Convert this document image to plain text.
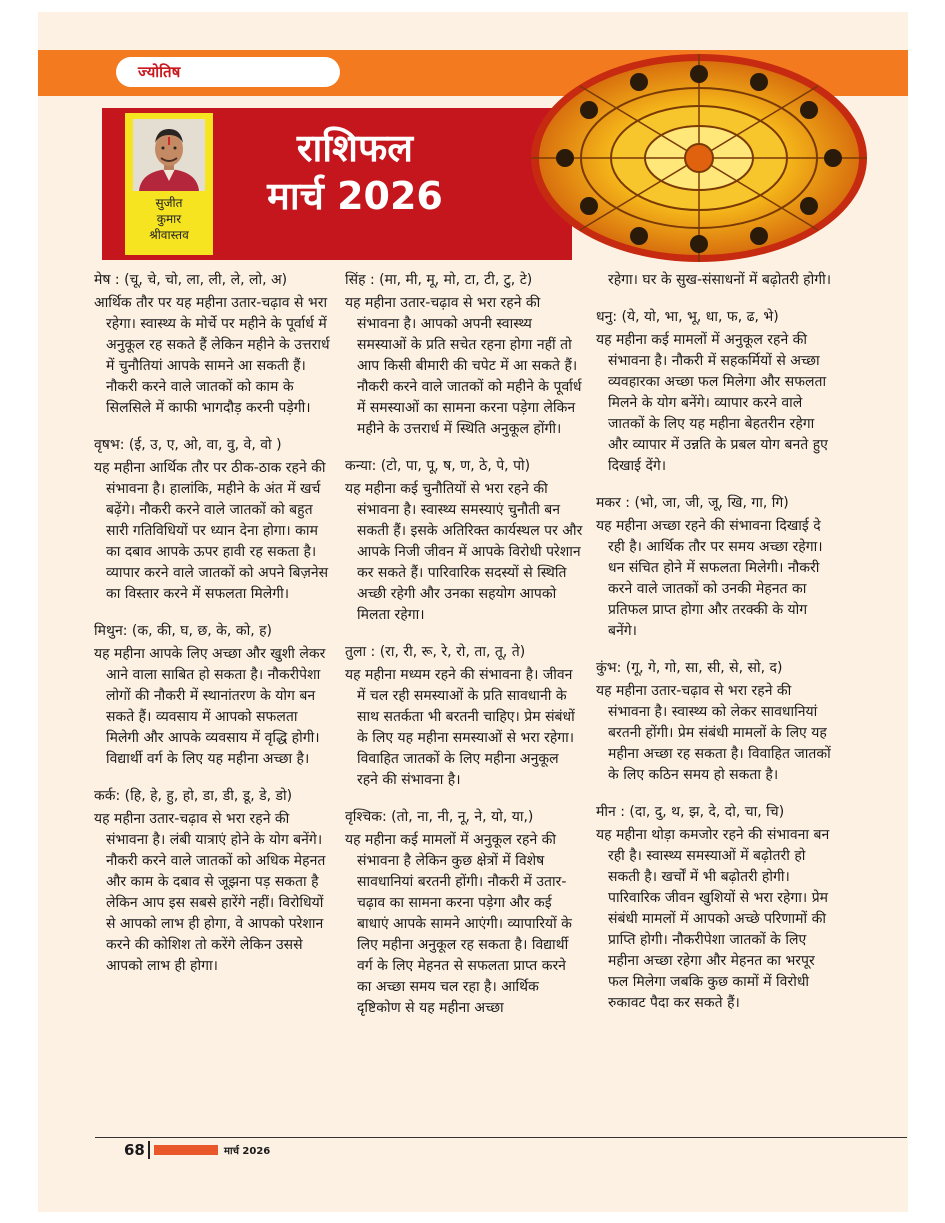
ज्योतिष
सुजीत
कुमार
श्रीवास्तव
राशिफल
मार्च 2026
मेष : (चू, चे, चो, ला, ली, ले, लो, अ)

आर्थिक तौर पर यह महीना उतार-चढ़ाव से भरा रहेगा। स्वास्थ्य के मोर्चे पर महीने के पूर्वार्ध में अनुकूल रह सकते हैं लेकिन महीने के उत्तरार्ध में चुनौतियां आपके सामने आ सकती हैं। नौकरी करने वाले जातकों को काम के सिलसिले में काफी भागदौड़ करनी पड़ेगी।

वृषभ: (ई, उ, ए, ओ, वा, वु, वे, वो )

यह महीना आर्थिक तौर पर ठीक-ठाक रहने की संभावना है। हालांकि, महीने के अंत में खर्च बढ़ेंगे। नौकरी करने वाले जातकों को बहुत सारी गतिविधियों पर ध्यान देना होगा। काम का दबाव आपके ऊपर हावी रह सकता है। व्यापार करने वाले जातकों को अपने बिज़नेस का विस्तार करने में सफलता मिलेगी।

मिथुन: (क, की, घ, छ, के, को, ह)

यह महीना आपके लिए अच्छा और खुशी लेकर आने वाला साबित हो सकता है। नौकरीपेशा लोगों की नौकरी में स्थानांतरण के योग बन सकते हैं। व्यवसाय में आपको सफलता मिलेगी और आपके व्यवसाय में वृद्धि होगी। विद्यार्थी वर्ग के लिए यह महीना अच्छा है।

कर्क: (हि, हे, हु, हो, डा, डी, डू, डे, डो)

यह महीना उतार-चढ़ाव से भरा रहने की संभावना है। लंबी यात्राएं होने के योग बनेंगे। नौकरी करने वाले जातकों को अधिक मेहनत और काम के दबाव से जूझना पड़ सकता है लेकिन आप इस सबसे हारेंगे नहीं। विरोधियों से आपको लाभ ही होगा, वे आपको परेशान करने की कोशिश तो करेंगे लेकिन उससे आपको लाभ ही होगा।

सिंह : (मा, मी, मू, मो, टा, टी, टु, टे)

यह महीना उतार-चढ़ाव से भरा रहने की संभावना है। आपको अपनी स्वास्थ्य समस्याओं के प्रति सचेत रहना होगा नहीं तो आप किसी बीमारी की चपेट में आ सकते हैं। नौकरी करने वाले जातकों को महीने के पूर्वार्ध में समस्याओं का सामना करना पड़ेगा लेकिन महीने के उत्तरार्ध में स्थिति अनुकूल होंगी।

कन्या: (टो, पा, पू, ष, ण, ठे, पे, पो)

यह महीना कई चुनौतियों से भरा रहने की संभावना है। स्वास्थ्य समस्याएं चुनौती बन सकती हैं। इसके अतिरिक्त कार्यस्थल पर और आपके निजी जीवन में आपके विरोधी परेशान कर सकते हैं। पारिवारिक सदस्यों से स्थिति अच्छी रहेगी और उनका सहयोग आपको मिलता रहेगा।

तुला : (रा, री, रू, रे, रो, ता, तू, ते)

यह महीना मध्यम रहने की संभावना है। जीवन में चल रही समस्याओं के प्रति सावधानी के साथ सतर्कता भी बरतनी चाहिए। प्रेम संबंधों के लिए यह महीना समस्याओं से भरा रहेगा। विवाहित जातकों के लिए महीना अनुकूल रहने की संभावना है।

वृश्चिक: (तो, ना, नी, नू, ने, यो, या,)

यह महीना कई मामलों में अनुकूल रहने की संभावना है लेकिन कुछ क्षेत्रों में विशेष सावधानियां बरतनी होंगी। नौकरी में उतार-चढ़ाव का सामना करना पड़ेगा और कई बाधाएं आपके सामने आएंगी। व्यापारियों के लिए महीना अनुकूल रह सकता है। विद्यार्थी वर्ग के लिए मेहनत से सफलता प्राप्त करने का अच्छा समय चल रहा है। आर्थिक दृष्टिकोण से यह महीना अच्छा

रहेगा। घर के सुख-संसाधनों में बढ़ोतरी होगी।

धनु: (ये, यो, भा, भू, धा, फ, ढ, भे)

यह महीना कई मामलों में अनुकूल रहने की संभावना है। नौकरी में सहकर्मियों से अच्छा व्यवहारका अच्छा फल मिलेगा और सफलता मिलने के योग बनेंगे। व्यापार करने वाले जातकों के लिए यह महीना बेहतरीन रहेगा और व्यापार में उन्नति के प्रबल योग बनते हुए दिखाई देंगे।

मकर : (भो, जा, जी, जू, खि, गा, गि)

यह महीना अच्छा रहने की संभावना दिखाई दे रही है। आर्थिक तौर पर समय अच्छा रहेगा। धन संचित होने में सफलता मिलेगी। नौकरी करने वाले जातकों को उनकी मेहनत का प्रतिफल प्राप्त होगा और तरक्की के योग बनेंगे।

कुंभ: (गू, गे, गो, सा, सी, से, सो, द)

यह महीना उतार-चढ़ाव से भरा रहने की संभावना है। स्वास्थ्य को लेकर सावधानियां बरतनी होंगी। प्रेम संबंधी मामलों के लिए यह महीना अच्छा रह सकता है। विवाहित जातकों के लिए कठिन समय हो सकता है।

मीन : (दा, दु, थ, झ, दे, दो, चा, चि)

यह महीना थोड़ा कमजोर रहने की संभावना बन रही है। स्वास्थ्य समस्याओं में बढ़ोतरी हो सकती है। खर्चों में भी बढ़ोतरी होगी। पारिवारिक जीवन खुशियों से भरा रहेगा। प्रेम संबंधी मामलों में आपको अच्छे परिणामों की प्राप्ति होगी। नौकरीपेशा जातकों के लिए महीना अच्छा रहेगा और मेहनत का भरपूर फल मिलेगा जबकि कुछ कामों में विरोधी रुकावट पैदा कर सकते हैं।

68	मार्च 2026
